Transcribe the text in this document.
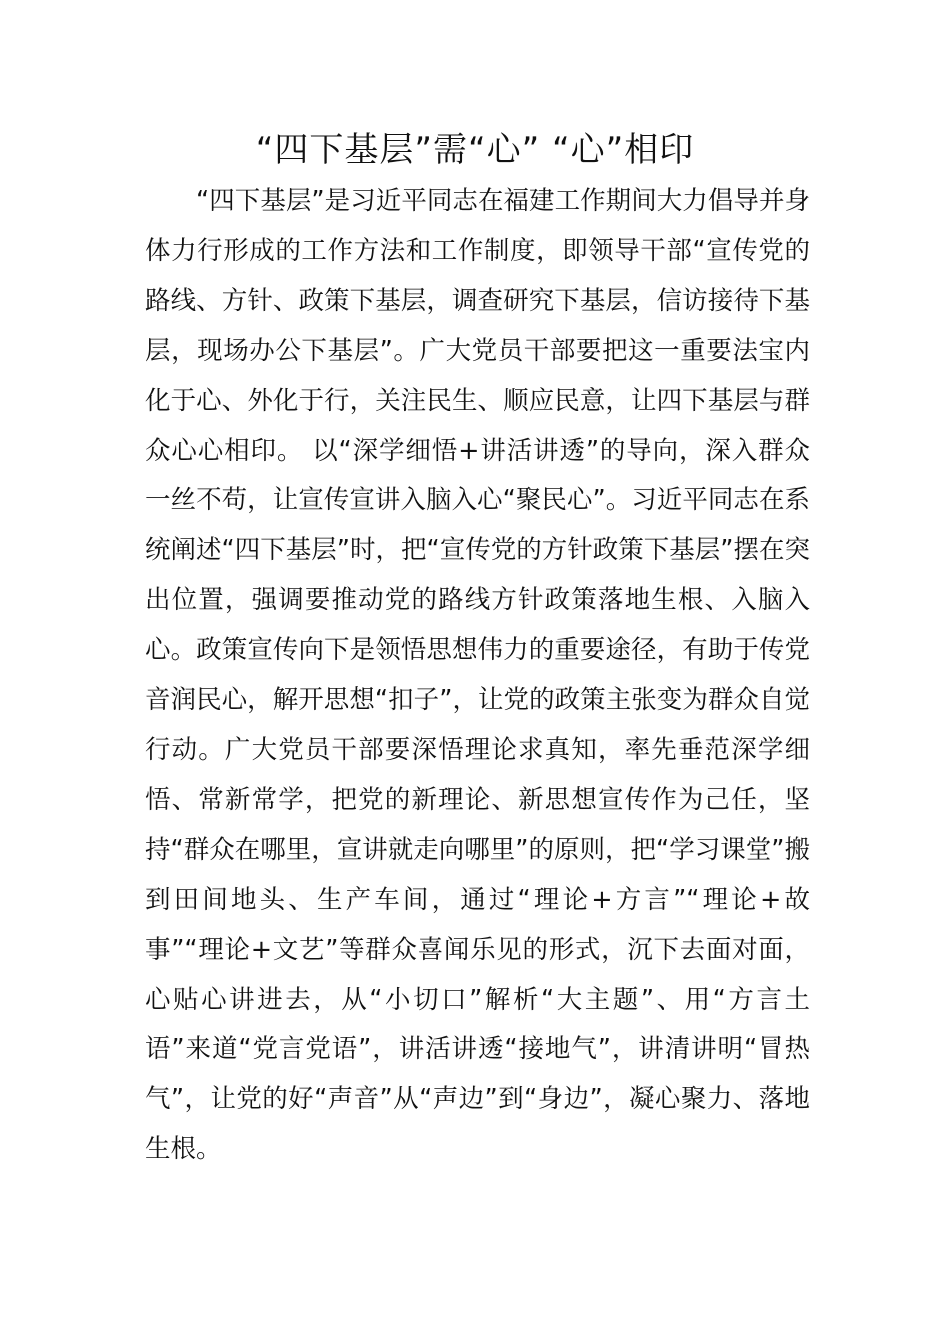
“四下基层”需“心” “心”相印

“四下基层”是习近平同志在福建工作期间大力倡导并身体力行形成的工作方法和工作制度，即领导干部“宣传党的路线、方针、政策下基层，调查研究下基层，信访接待下基层，现场办公下基层”。广大党员干部要把这一重要法宝内化于心、外化于行，关注民生、顺应民意，让四下基层与群众心心相印。 以“深学细悟+讲活讲透”的导向，深入群众一丝不苟，让宣传宣讲入脑入心“聚民心”。习近平同志在系统阐述“四下基层”时，把“宣传党的方针政策下基层”摆在突出位置，强调要推动党的路线方针政策落地生根、入脑入心。政策宣传向下是领悟思想伟力的重要途径，有助于传党音润民心，解开思想“扣子”，让党的政策主张变为群众自觉行动。广大党员干部要深悟理论求真知，率先垂范深学细悟、常新常学，把党的新理论、新思想宣传作为己任，坚持“群众在哪里，宣讲就走向哪里”的原则，把“学习课堂”搬到田间地头、生产车间，通过“理论+方言”“理论+故事”“理论+文艺”等群众喜闻乐见的形式，沉下去面对面，心贴心讲进去，从“小切口”解析“大主题”、用“方言土语”来道“党言党语”，讲活讲透“接地气”，讲清讲明“冒热气”，让党的好“声音”从“声边”到“身边”，凝心聚力、落地生根。
